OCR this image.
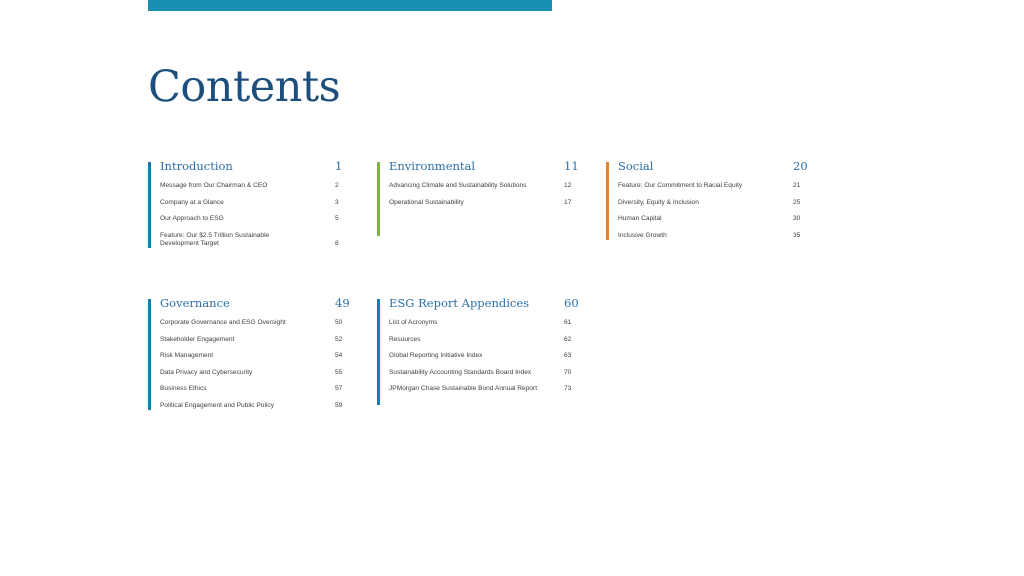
Contents
Introduction	1
Message from Our Chairman & CEO	2
Company at a Glance	3
Our Approach to ESG	5
Feature: Our $2.5 Trillion Sustainable Development Target	8
Environmental	11
Advancing Climate and Sustainability Solutions	12
Operational Sustainability	17
Social	20
Feature: Our Commitment to Racial Equity	21
Diversity, Equity & Inclusion	25
Human Capital	30
Inclusive Growth	35
Governance	49
Corporate Governance and ESG Oversight	50
Stakeholder Engagement	52
Risk Management	54
Data Privacy and Cybersecurity	55
Business Ethics	57
Political Engagement and Public Policy	59
ESG Report Appendices	60
List of Acronyms	61
Resources	62
Global Reporting Initiative Index	63
Sustainability Accounting Standards Board Index	70
JPMorgan Chase Sustainable Bond Annual Report	73
